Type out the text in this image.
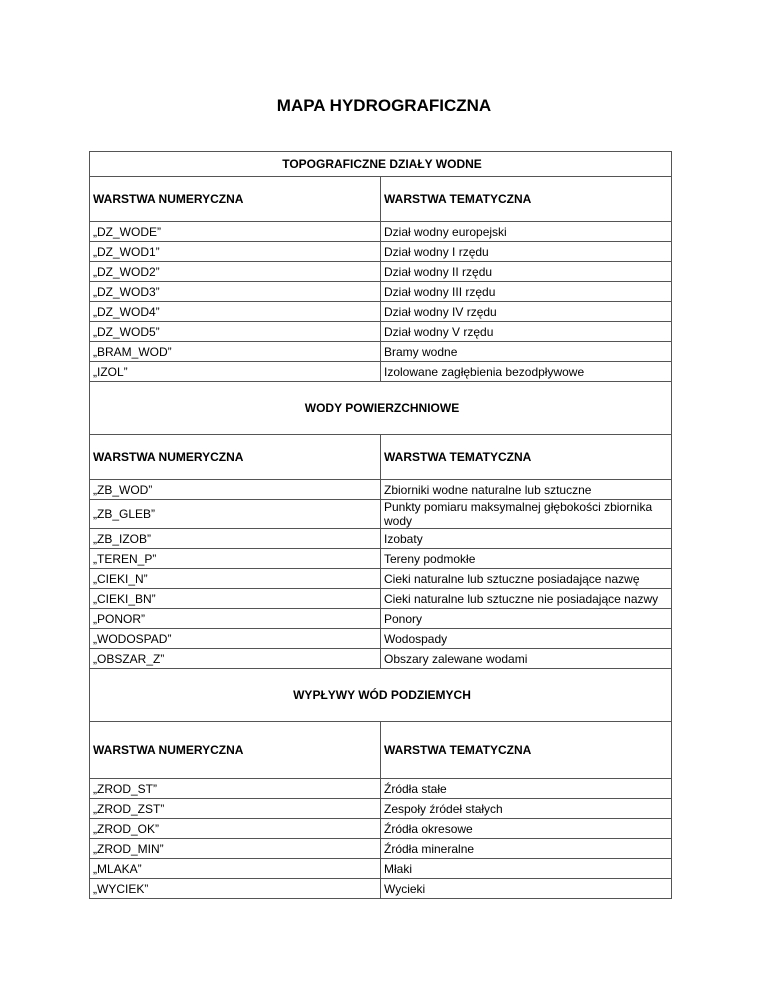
MAPA HYDROGRAFICZNA
TOPOGRAFICZNE DZIAŁY WODNE	
WARSTWA NUMERYCZNA	WARSTWA TEMATYCZNA
„DZ_WODE”	Dział wodny europejski
„DZ_WOD1”	Dział wodny I rzędu
„DZ_WOD2”	Dział wodny II rzędu
„DZ_WOD3”	Dział wodny III rzędu
„DZ_WOD4”	Dział wodny IV rzędu
„DZ_WOD5”	Dział wodny V rzędu
„BRAM_WOD”	Bramy wodne
„IZOL”	Izolowane zagłębienia bezodpływowe
WODY POWIERZCHNIOWE	
WARSTWA NUMERYCZNA	WARSTWA TEMATYCZNA
„ZB_WOD”	Zbiorniki wodne naturalne lub sztuczne
„ZB_GLEB”	Punkty pomiaru maksymalnej głębokości zbiornika wody
„ZB_IZOB”	Izobaty
„TEREN_P”	Tereny podmokłe
„CIEKI_N”	Cieki naturalne lub sztuczne posiadające nazwę
„CIEKI_BN”	Cieki naturalne lub sztuczne nie posiadające nazwy
„PONOR”	Ponory
„WODOSPAD”	Wodospady
„OBSZAR_Z”	Obszary zalewane wodami
WYPŁYWY WÓD PODZIEMYCH	
WARSTWA NUMERYCZNA	WARSTWA TEMATYCZNA
„ZROD_ST”	Źródła stałe
„ZROD_ZST”	Zespoły źródeł stałych
„ZROD_OK”	Źródła okresowe
„ZROD_MIN”	Źródła mineralne
„MLAKA”	Młaki
„WYCIEK”	Wycieki
